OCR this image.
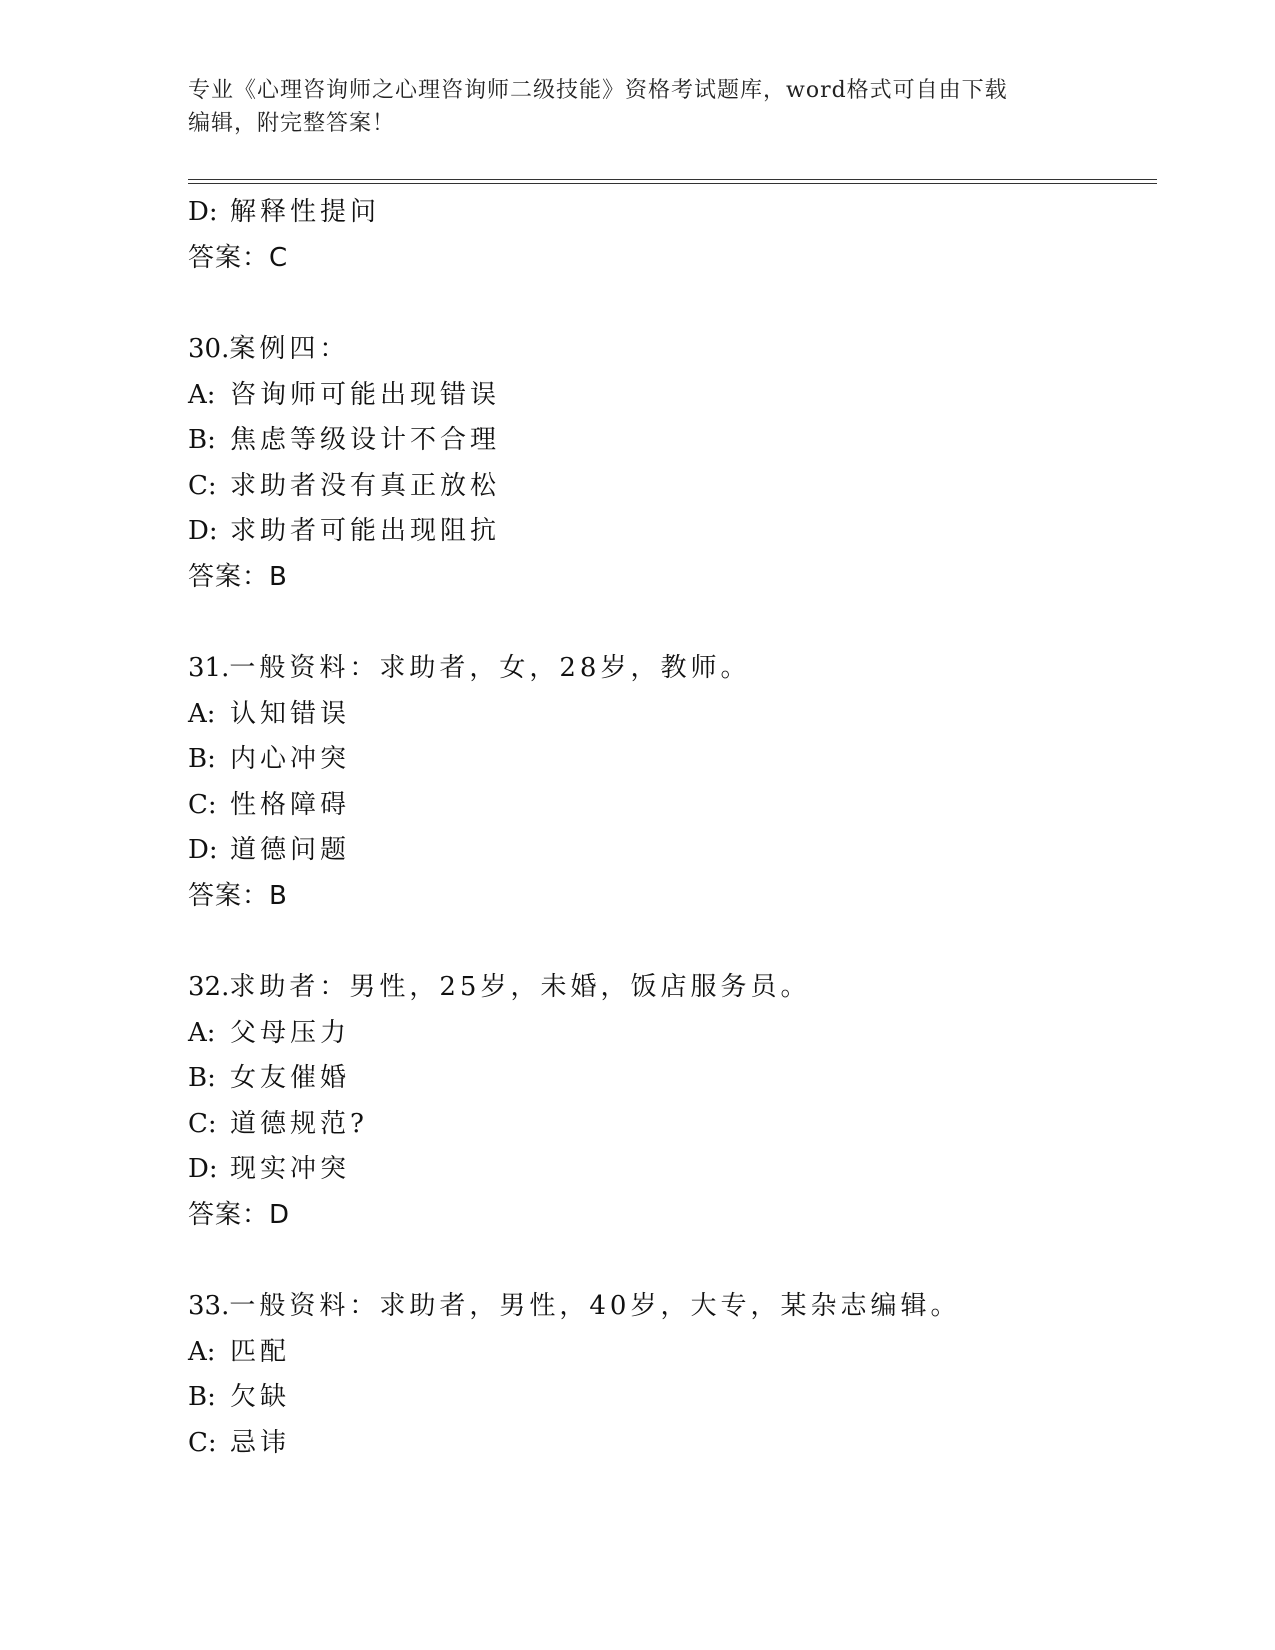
专业《心理咨询师之心理咨询师二级技能》资格考试题库，word格式可自由下载
编辑，附完整答案！
D: 解释性提问
答案：C
30.案例四：
A: 咨询师可能出现错误
B: 焦虑等级设计不合理
C: 求助者没有真正放松
D: 求助者可能出现阻抗
答案：B
31.一般资料：求助者，女，28岁，教师。
A: 认知错误
B: 内心冲突
C: 性格障碍
D: 道德问题
答案：B
32.求助者：男性，25岁，未婚，饭店服务员。
A: 父母压力
B: 女友催婚
C: 道德规范?
D: 现实冲突
答案：D
33.一般资料：求助者，男性，40岁，大专，某杂志编辑。
A: 匹配
B: 欠缺
C: 忌讳
